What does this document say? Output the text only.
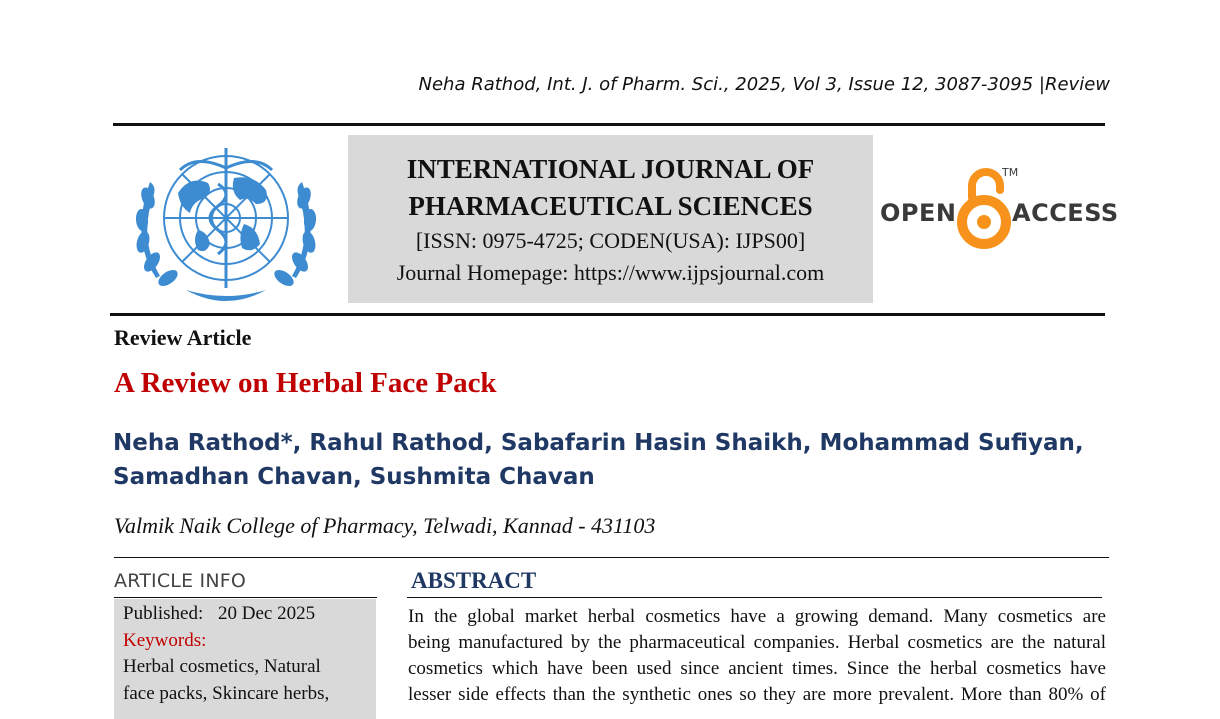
Neha Rathod, Int. J. of Pharm. Sci., 2025, Vol 3, Issue 12, 3087-3095 |Review
INTERNATIONAL JOURNAL OF
PHARMACEUTICAL SCIENCES
[ISSN: 0975-4725; CODEN(USA): IJPS00]
Journal Homepage: https://www.ijpsjournal.com
OPEN
TM
ACCESS
Review Article
A Review on Herbal Face Pack
Neha Rathod*, Rahul Rathod, Sabafarin Hasin Shaikh, Mohammad Sufiyan,
Samadhan Chavan, Sushmita Chavan
Valmik Naik College of Pharmacy, Telwadi, Kannad - 431103
ARTICLE INFO
Published: 20 Dec 2025
Keywords:
Herbal cosmetics, Natural
face packs, Skincare herbs,
ABSTRACT
In the global market herbal cosmetics have a growing demand. Many cosmetics are
being manufactured by the pharmaceutical companies. Herbal cosmetics are the natural
cosmetics which have been used since ancient times. Since the herbal cosmetics have
lesser side effects than the synthetic ones so they are more prevalent. More than 80% of
